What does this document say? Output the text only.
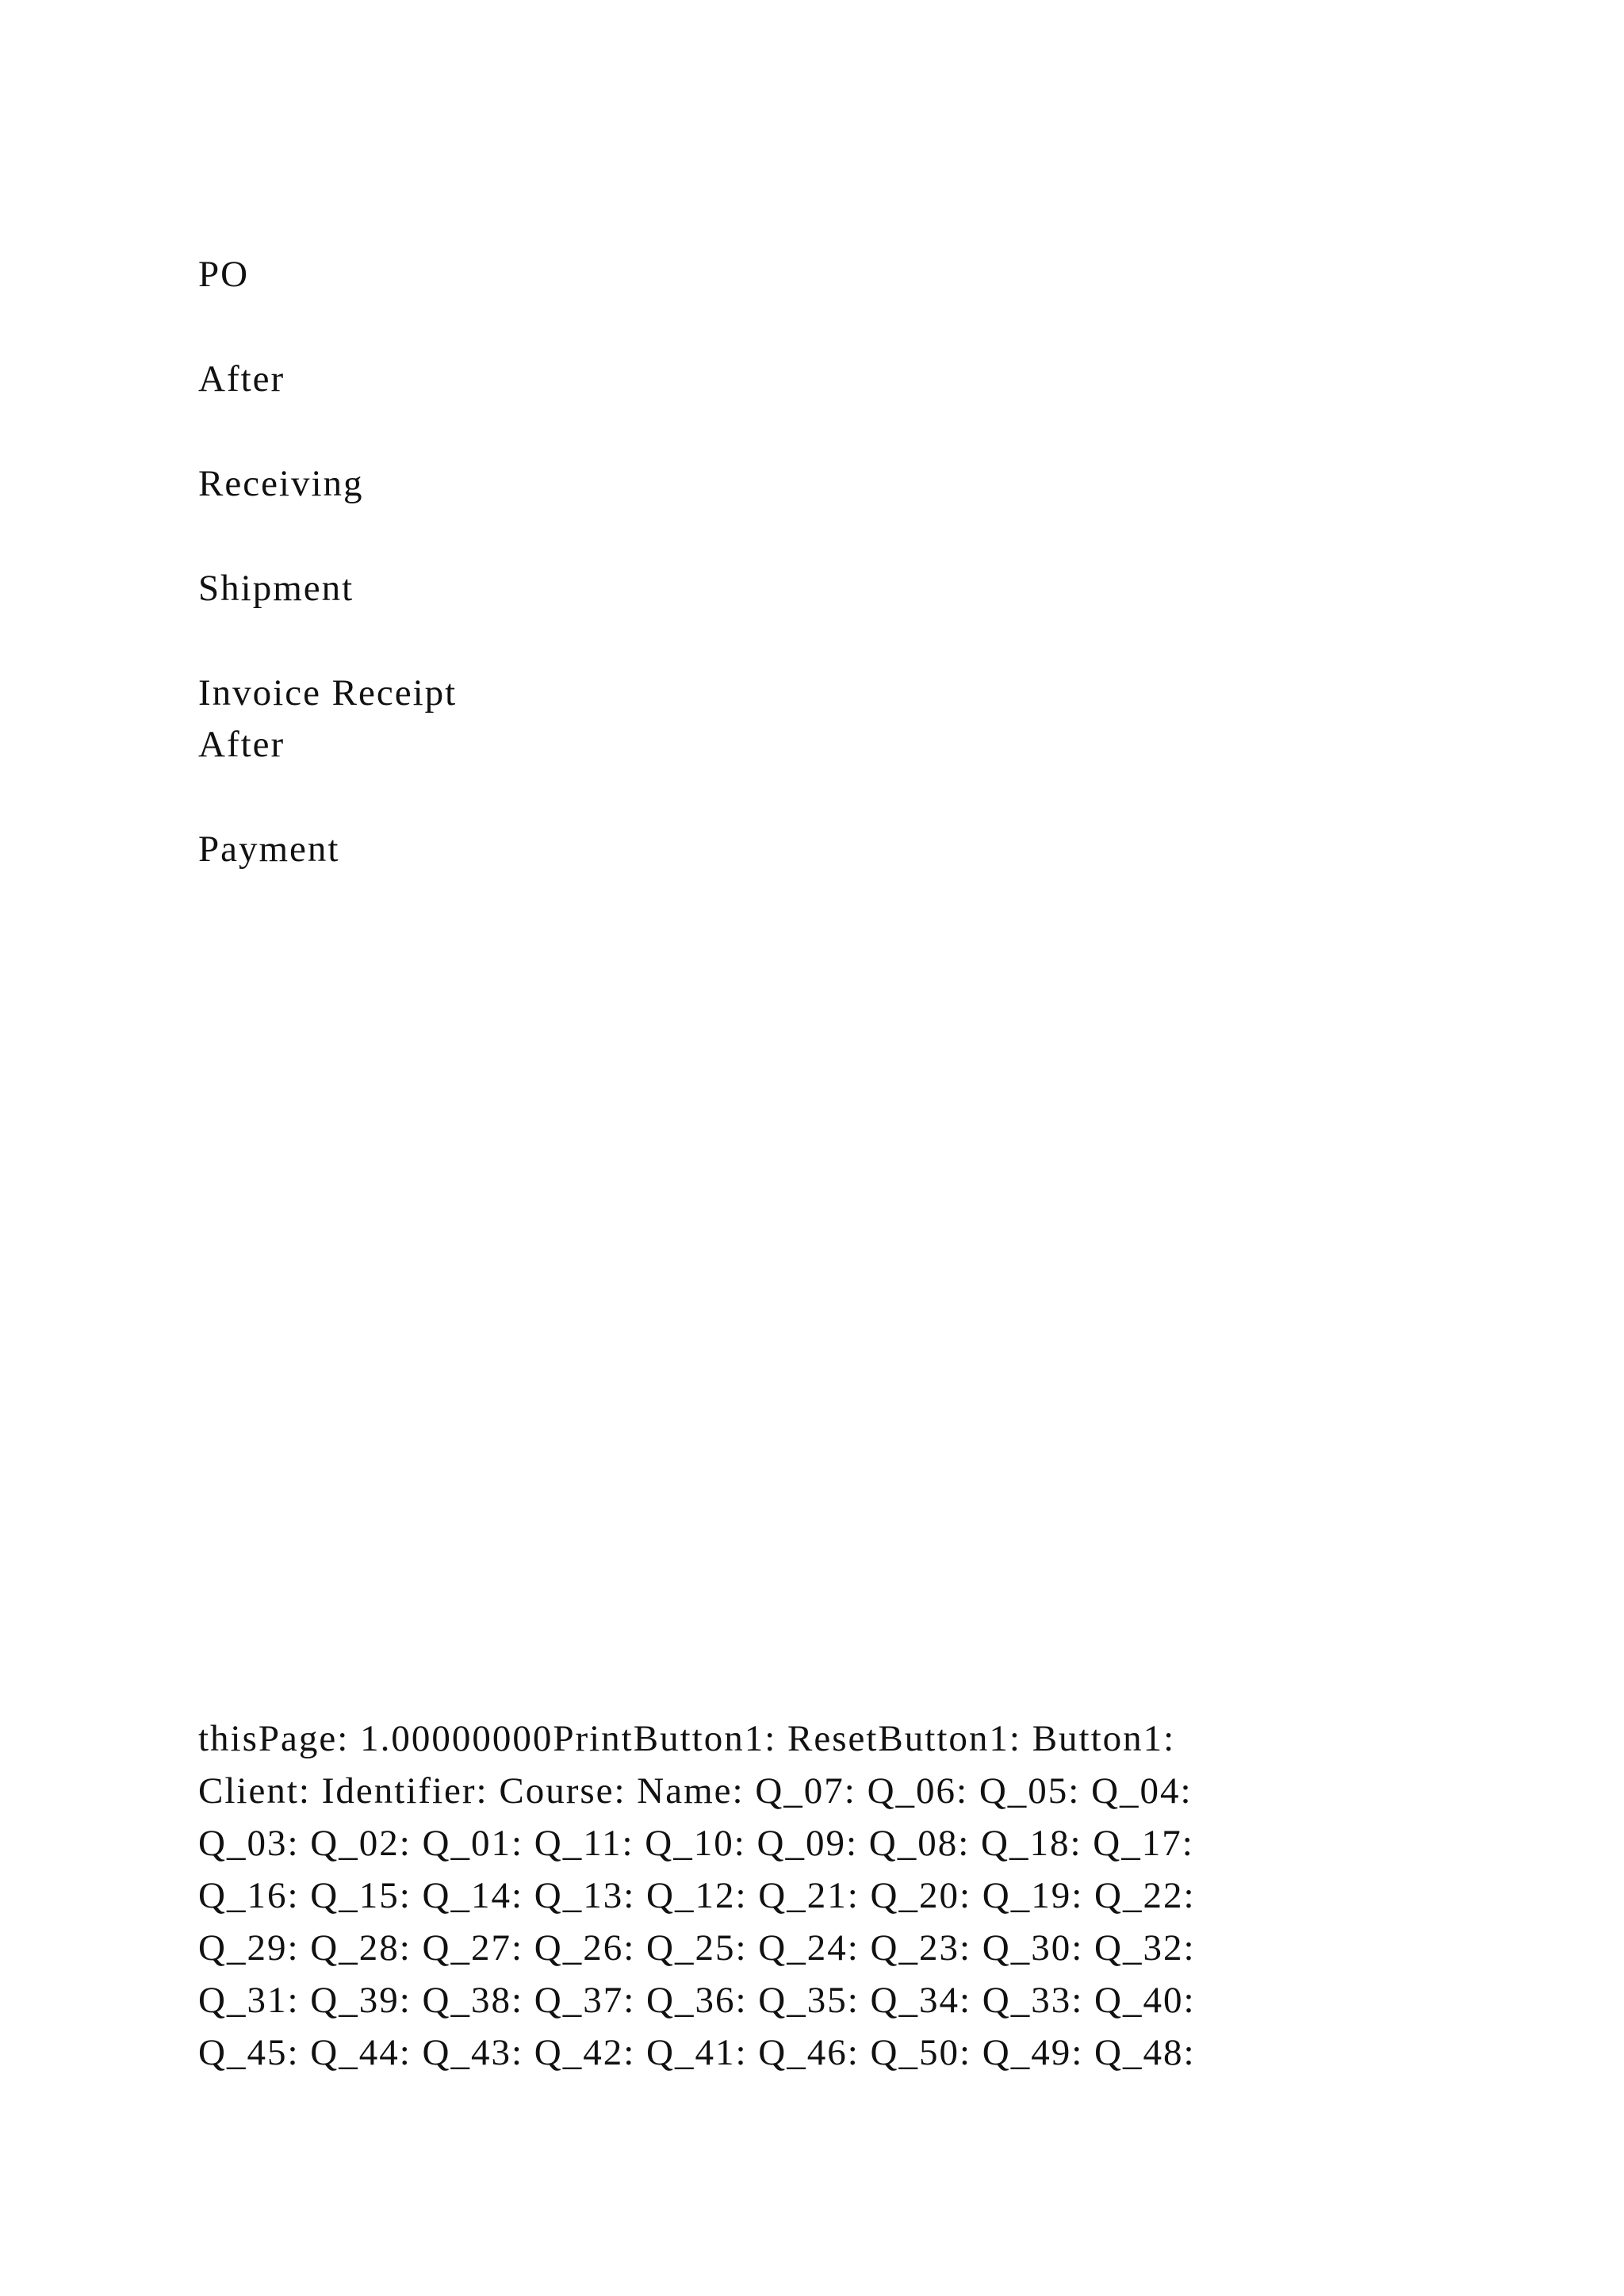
PO
After
Receiving
Shipment
Invoice Receipt
After
Payment
thisPage: 1.00000000PrintButton1: ResetButton1: Button1:
Client: Identifier: Course: Name: Q_07: Q_06: Q_05: Q_04:
Q_03: Q_02: Q_01: Q_11: Q_10: Q_09: Q_08: Q_18: Q_17:
Q_16: Q_15: Q_14: Q_13: Q_12: Q_21: Q_20: Q_19: Q_22:
Q_29: Q_28: Q_27: Q_26: Q_25: Q_24: Q_23: Q_30: Q_32:
Q_31: Q_39: Q_38: Q_37: Q_36: Q_35: Q_34: Q_33: Q_40:
Q_45: Q_44: Q_43: Q_42: Q_41: Q_46: Q_50: Q_49: Q_48:
